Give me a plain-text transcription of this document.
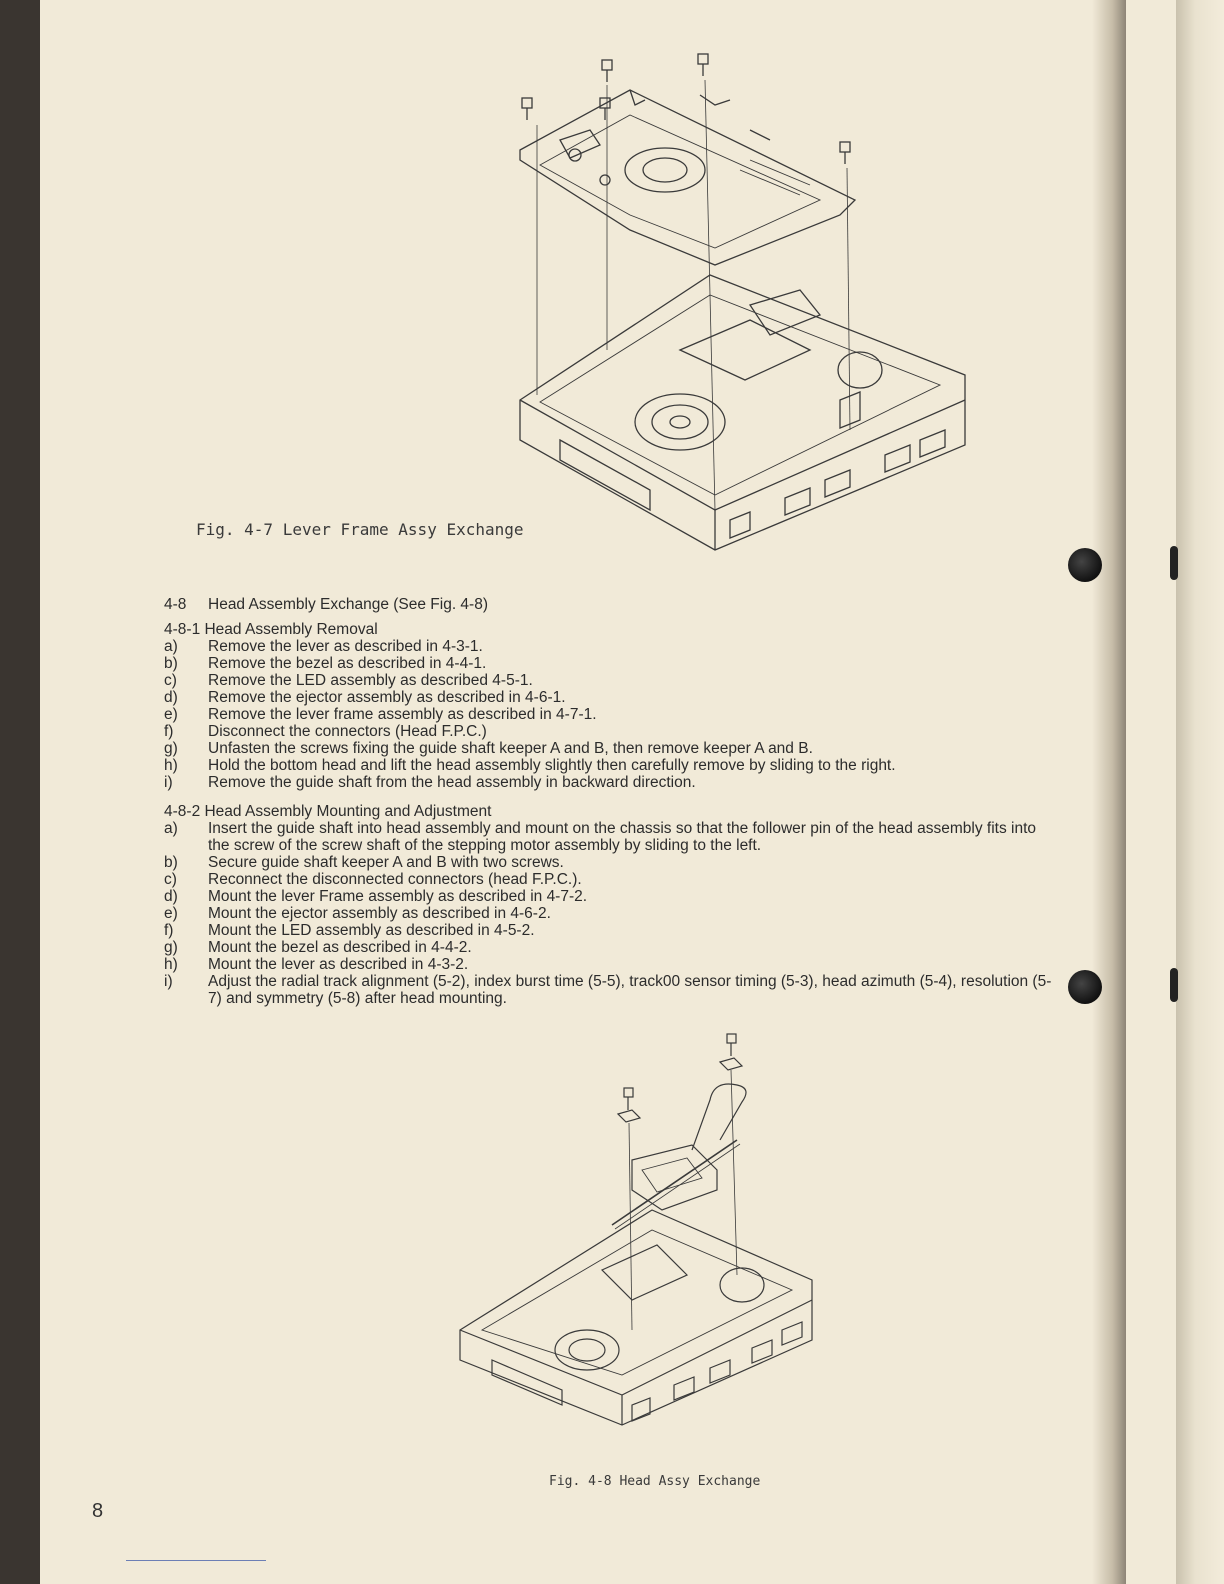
Fig. 4-7 Lever Frame Assy Exchange
4-8 Head Assembly Exchange (See Fig. 4-8)
4-8-1 Head Assembly Removal
a)	Remove the lever as described in 4-3-1.
b)	Remove the bezel as described in 4-4-1.
c)	Remove the LED assembly as described 4-5-1.
d)	Remove the ejector assembly as described in 4-6-1.
e)	Remove the lever frame assembly as described in 4-7-1.
f)	Disconnect the connectors (Head F.P.C.)
g)	Unfasten the screws fixing the guide shaft keeper A and B, then remove keeper A and B.
h)	Hold the bottom head and lift the head assembly slightly then carefully remove by sliding to the right.
i)	Remove the guide shaft from the head assembly in backward direction.
4-8-2 Head Assembly Mounting and Adjustment
a)	Insert the guide shaft into head assembly and mount on the chassis so that the follower pin of the head assembly fits into the screw of the screw shaft of the stepping motor assembly by sliding to the left.
b)	Secure guide shaft keeper A and B with two screws.
c)	Reconnect the disconnected connectors (head F.P.C.).
d)	Mount the lever Frame assembly as described in 4-7-2.
e)	Mount the ejector assembly as described in 4-6-2.
f)	Mount the LED assembly as described in 4-5-2.
g)	Mount the bezel as described in 4-4-2.
h)	Mount the lever as described in 4-3-2.
i)	Adjust the radial track alignment (5-2), index burst time (5-5), track00 sensor timing (5-3), head azimuth (5-4), resolution (5-7) and symmetry (5-8) after head mounting.
Fig. 4-8 Head Assy Exchange
8
